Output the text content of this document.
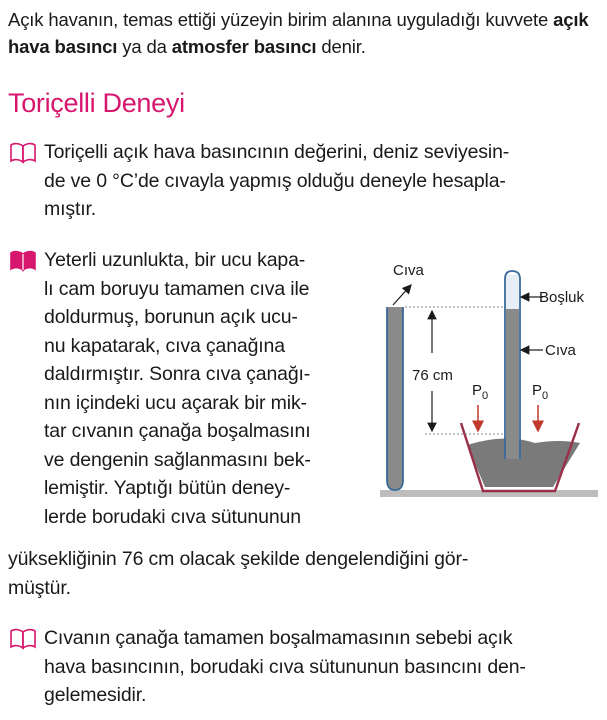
Açık havanın, temas ettiği yüzeyin birim alanına uyguladığı kuvvete açık hava basıncı ya da atmosfer basıncı denir.
Toriçelli Deneyi
Toriçelli açık hava basıncının değerini, deniz seviyesin-
de ve 0 °C’de cıvayla yapmış olduğu deneyle hesapla-
mıştır.
Yeterli uzunlukta, bir ucu kapa-
lı cam boruyu tamamen cıva ile
doldurmuş, borunun açık ucu-
nu kapatarak, cıva çanağına
daldırmıştır. Sonra cıva çanağı-
nın içindeki ucu açarak bir mik-
tar cıvanın çanağa boşalmasını
ve dengenin sağlanmasını bek-
lemiştir. Yaptığı bütün deney-
lerde borudaki cıva sütununun
yüksekliğinin 76 cm olacak şekilde dengelendiğini gör-
müştür.
76 cm
Cıva
Boşluk
Cıva
$P_0$	$P_0$
Cıvanın çanağa tamamen boşalmamasının sebebi açık
hava basıncının, borudaki cıva sütununun basıncını den-
gelemesidir.
